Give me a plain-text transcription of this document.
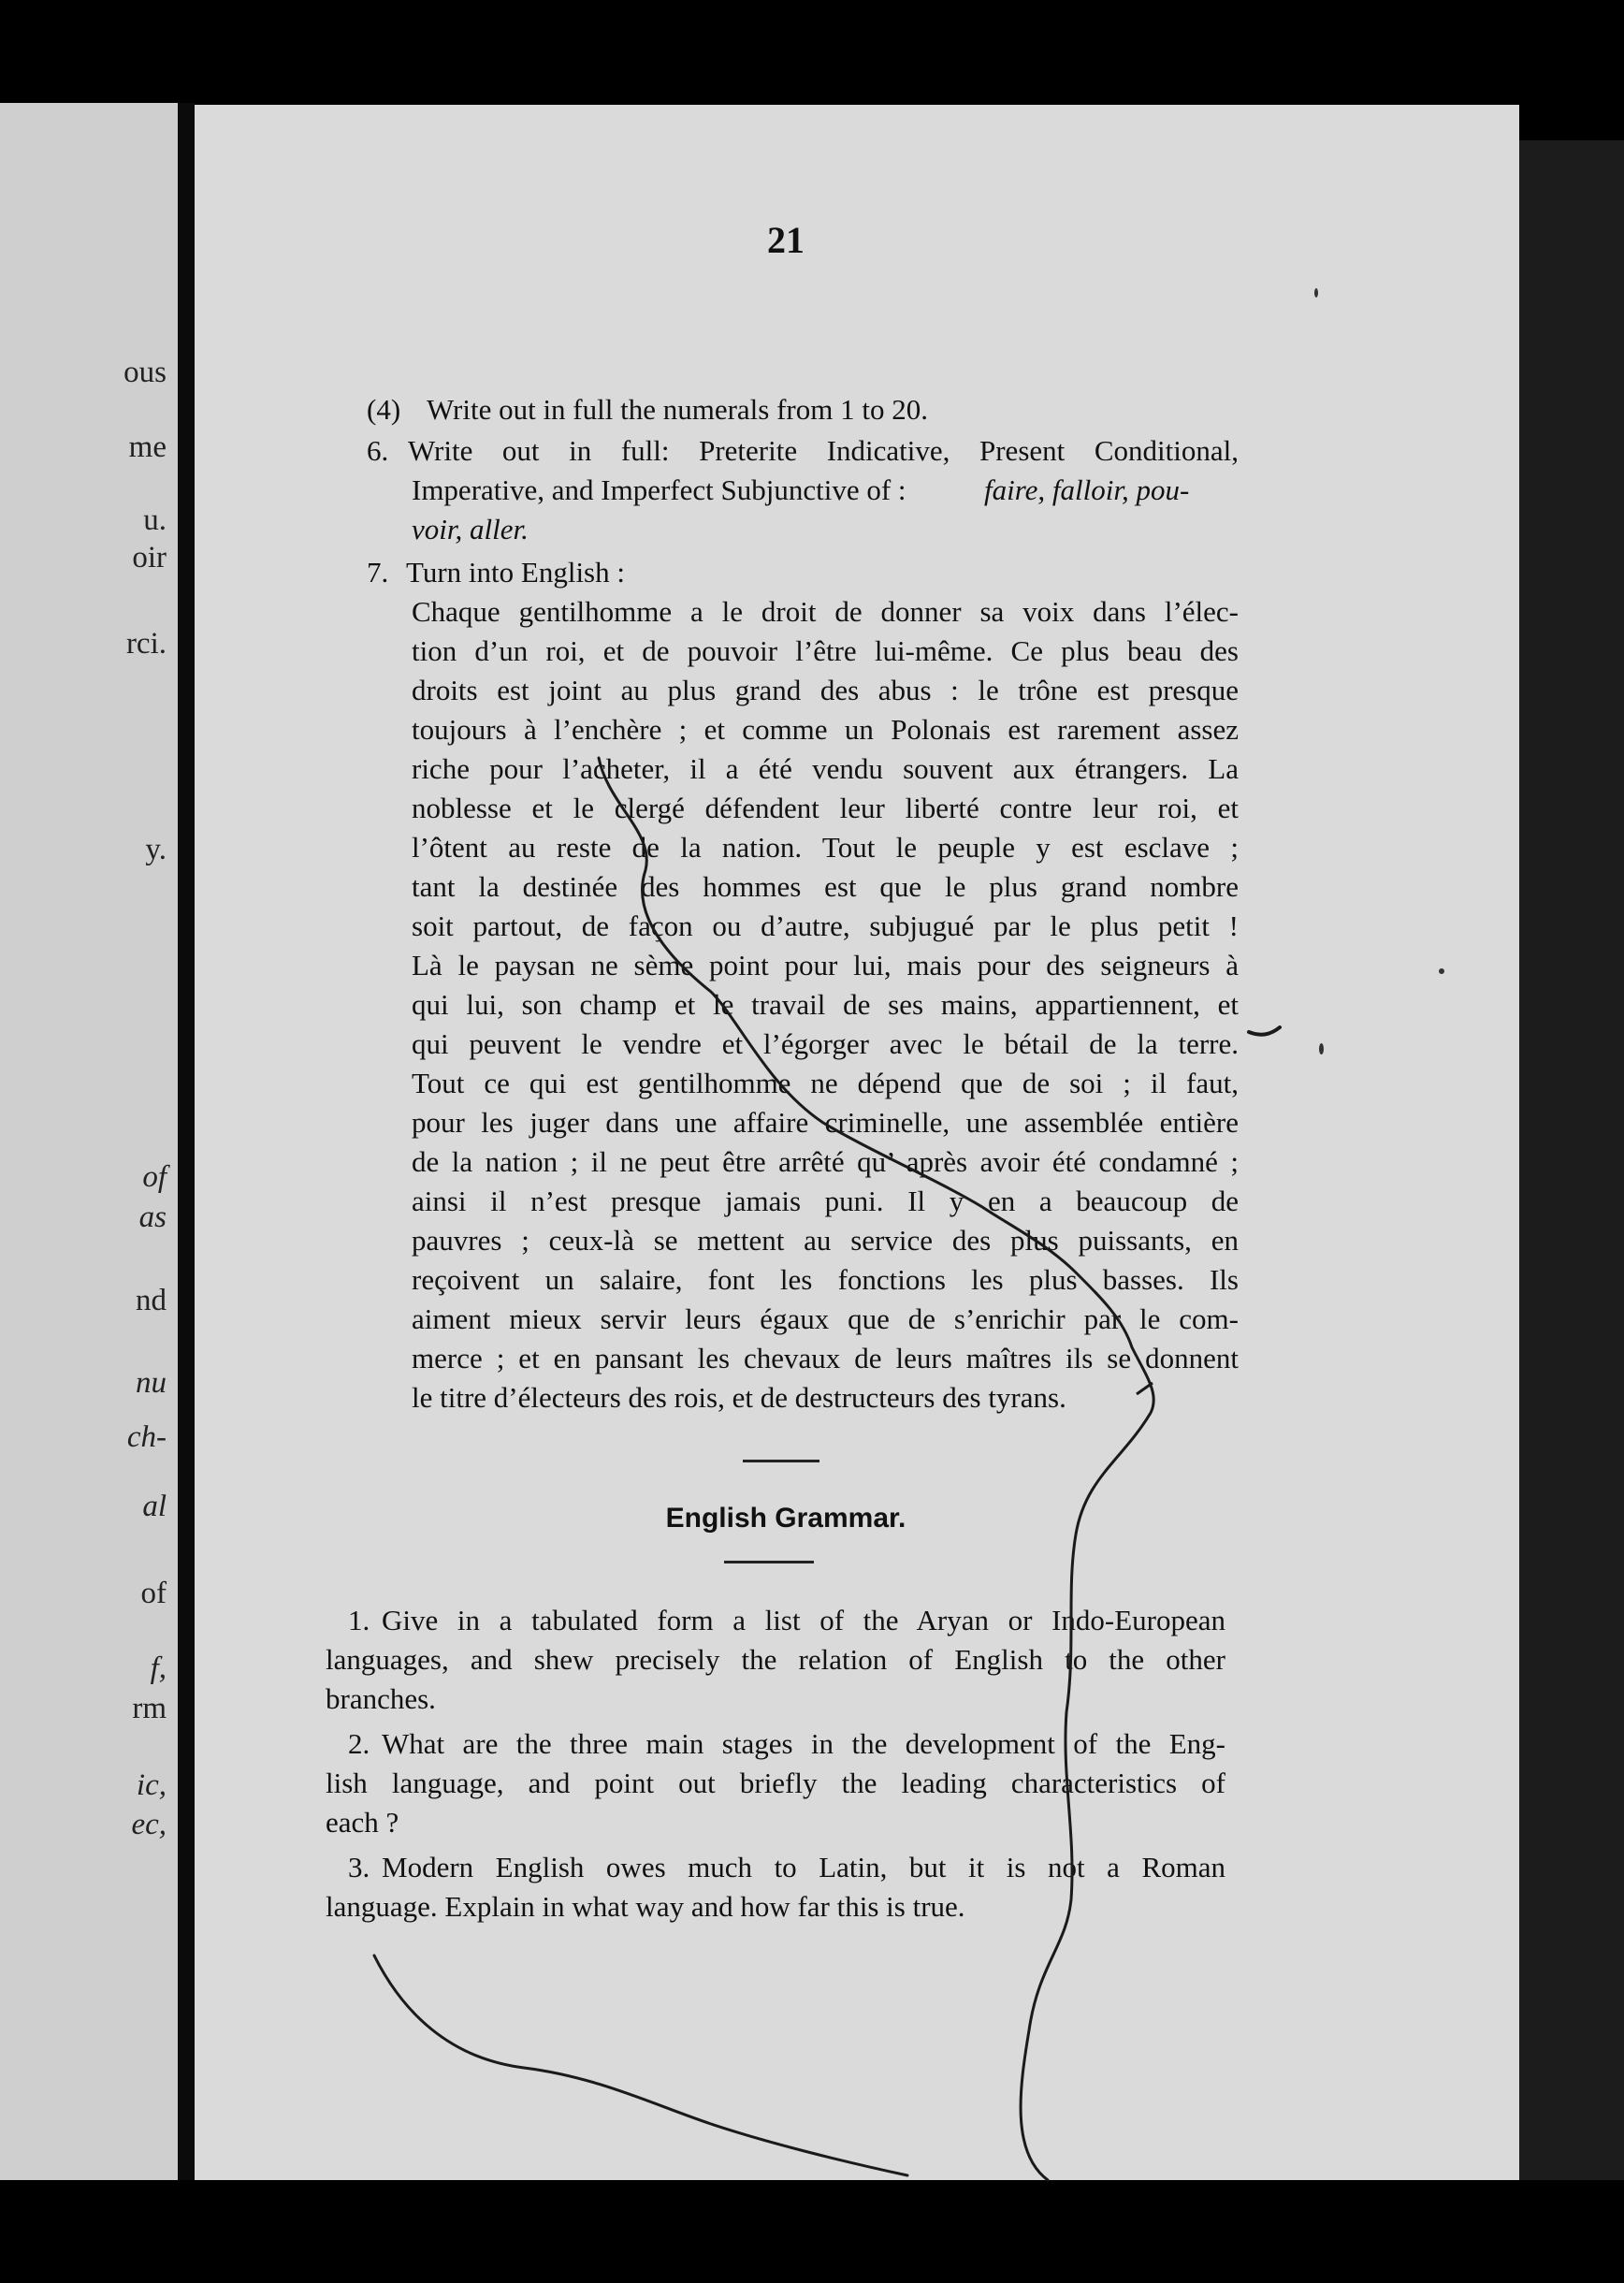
ous
me
u.
oir
rci.
y.
of
as
nd
nu
ch-
al
of
f,
rm
ic,
ec,
21
(4) Write out in full the numerals from 1 to 20.
6. Write out in full: Preterite Indicative, Present Conditional,
Imperative, and Imperfect Subjunctive of :	faire, falloir, pou-
voir, aller.
7. Turn into English :
Chaque gentilhomme a le droit de donner sa voix dans l’élec-
tion d’un roi, et de pouvoir l’être lui-même. Ce plus beau des
droits est joint au plus grand des abus : le trône est presque
toujours à l’enchère ; et comme un Polonais est rarement assez
riche pour l’acheter, il a été vendu souvent aux étrangers. La
noblesse et le clergé défendent leur liberté contre leur roi, et
l’ôtent au reste de la nation. Tout le peuple y est esclave ;
tant la destinée des hommes est que le plus grand nombre
soit partout, de façon ou d’autre, subjugué par le plus petit !
Là le paysan ne sème point pour lui, mais pour des seigneurs à
qui lui, son champ et le travail de ses mains, appartiennent, et
qui peuvent le vendre et l’égorger avec le bétail de la terre.
Tout ce qui est gentilhomme ne dépend que de soi ; il faut,
pour les juger dans une affaire criminelle, une assemblée entière
de la nation ; il ne peut être arrêté qu’ après avoir été condamné ;
ainsi il n’est presque jamais puni. Il y en a beaucoup de
pauvres ; ceux-là se mettent au service des plus puissants, en
reçoivent un salaire, font les fonctions les plus basses. Ils
aiment mieux servir leurs égaux que de s’enrichir par le com-
merce ; et en pansant les chevaux de leurs maîtres ils se donnent
le titre d’électeurs des rois, et de destructeurs des tyrans.
English Grammar.
1. Give in a tabulated form a list of the Aryan or Indo-European
languages, and shew precisely the relation of English to the other
branches.
2. What are the three main stages in the development of the Eng-
lish language, and point out briefly the leading characteristics of
each ?
3. Modern English owes much to Latin, but it is not a Roman
language. Explain in what way and how far this is true.
